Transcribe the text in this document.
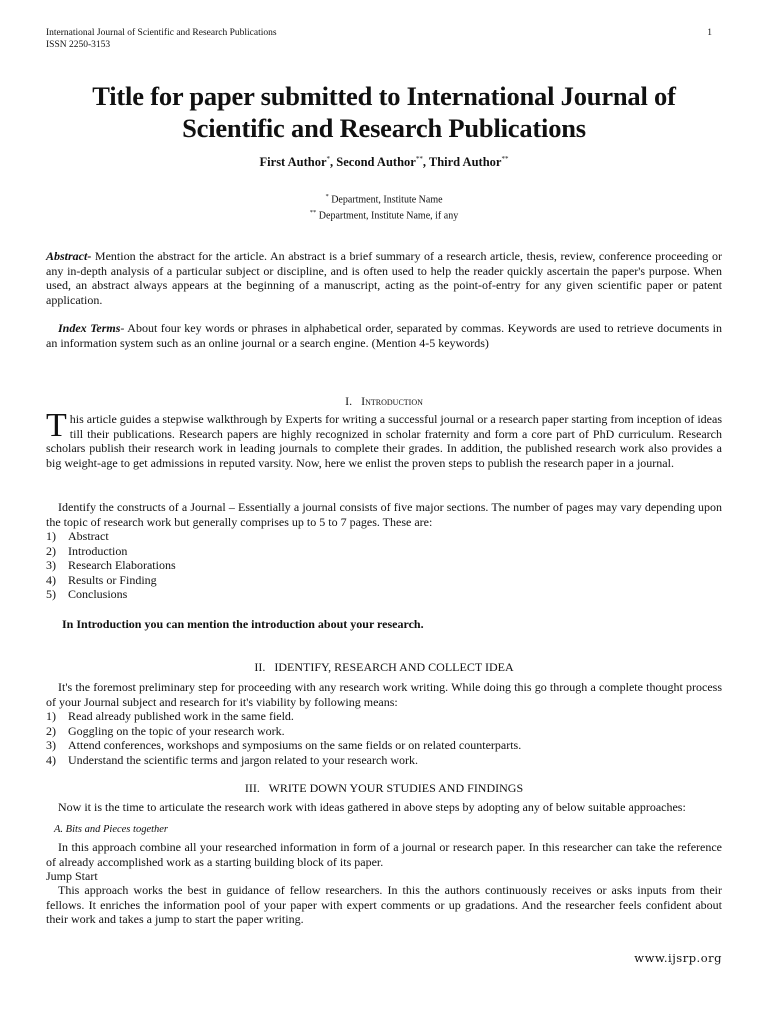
International Journal of Scientific and Research Publications
ISSN 2250-3153
1
Title for paper submitted to International Journal of
Scientific and Research Publications
First Author*, Second Author**, Third Author**
* Department, Institute Name
** Department, Institute Name, if any

Abstract- Mention the abstract for the article. An abstract is a brief summary of a research article, thesis, review, conference proceeding or any in-depth analysis of a particular subject or discipline, and is often used to help the reader quickly ascertain the paper's purpose. When used, an abstract always appears at the beginning of a manuscript, acting as the point-of-entry for any given scientific paper or patent application.

Index Terms- About four key words or phrases in alphabetical order, separated by commas. Keywords are used to retrieve documents in an information system such as an online journal or a search engine. (Mention 4-5 keywords)

I. Introduction

This article guides a stepwise walkthrough by Experts for writing a successful journal or a research paper starting from inception of ideas till their publications. Research papers are highly recognized in scholar fraternity and form a core part of PhD curriculum. Research scholars publish their research work in leading journals to complete their grades. In addition, the published research work also provides a big weight-age to get admissions in reputed varsity. Now, here we enlist the proven steps to publish the research paper in a journal.

Identify the constructs of a Journal – Essentially a journal consists of five major sections. The number of pages may vary depending upon the topic of research work but generally comprises up to 5 to 7 pages. These are:

1) Abstract
2) Introduction
3) Research Elaborations
4) Results or Finding
5) Conclusions
In Introduction you can mention the introduction about your research.
II.   IDENTIFY, RESEARCH AND COLLECT IDEA

It's the foremost preliminary step for proceeding with any research work writing. While doing this go through a complete thought process of your Journal subject and research for it's viability by following means:

1) Read already published work in the same field.
2) Goggling on the topic of your research work.
3) Attend conferences, workshops and symposiums on the same fields or on related counterparts.
4) Understand the scientific terms and jargon related to your research work.
III.   WRITE DOWN YOUR STUDIES AND FINDINGS

Now it is the time to articulate the research work with ideas gathered in above steps by adopting any of below suitable approaches:

A. Bits and Pieces together

In this approach combine all your researched information in form of a journal or research paper. In this researcher can take the reference of already accomplished work as a starting building block of its paper.

Jump Start

This approach works the best in guidance of fellow researchers. In this the authors continuously receives or asks inputs from their fellows. It enriches the information pool of your paper with expert comments or up gradations. And the researcher feels confident about their work and takes a jump to start the paper writing.

www.ijsrp.org
